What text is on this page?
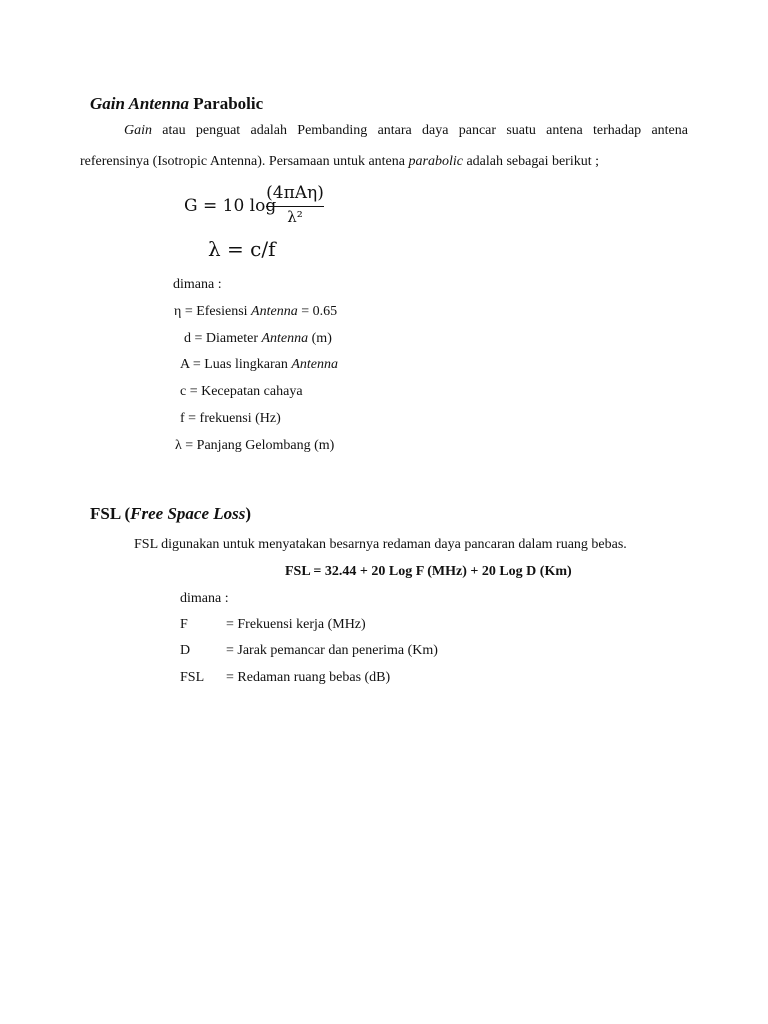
Gain Antenna Parabolic
Gain atau penguat adalah Pembanding antara daya pancar suatu antena terhadap antena
referensinya (Isotropic Antenna). Persamaan untuk antena parabolic adalah sebagai berikut ;
G = 10 log
(4πAη)
λ²
λ = c/f
dimana :
η = Efesiensi Antenna = 0.65
d = Diameter Antenna (m)
A = Luas lingkaran Antenna
c = Kecepatan cahaya
f = frekuensi (Hz)
λ = Panjang Gelombang (m)
FSL (Free Space Loss)
FSL digunakan untuk menyatakan besarnya redaman daya pancaran dalam ruang bebas.
FSL = 32.44 + 20 Log F (MHz) + 20 Log D (Km)
dimana :
F	= Frekuensi kerja (MHz)
D	= Jarak pemancar dan penerima (Km)
FSL = Redaman ruang bebas (dB)
